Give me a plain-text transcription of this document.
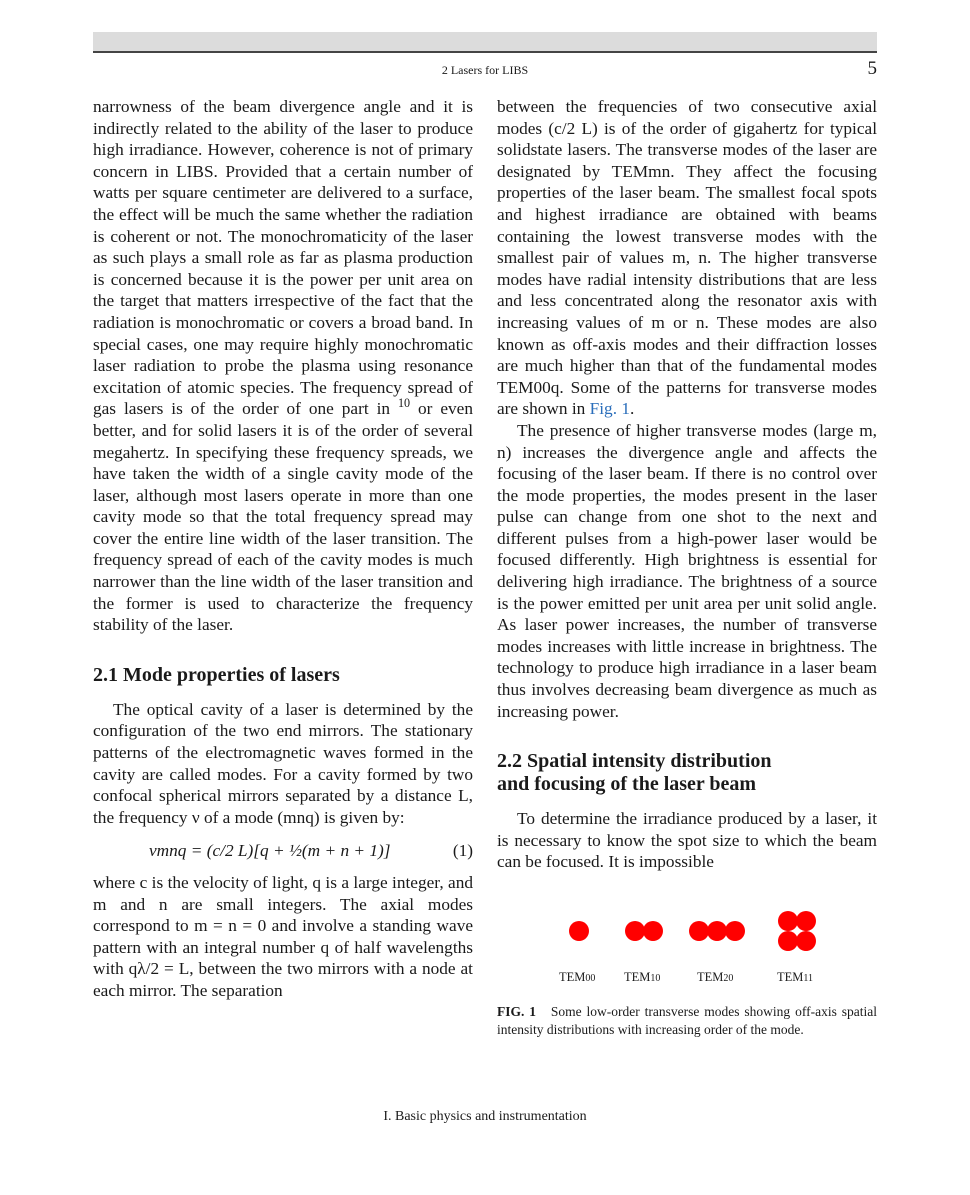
2 Lasers for LIBS	5

narrowness of the beam divergence angle and it is indirectly related to the ability of the laser to produce high irradiance. However, coherence is not of primary concern in LIBS. Provided that a certain number of watts per square centimeter are delivered to a surface, the effect will be much the same whether the radiation is coherent or not. The monochromaticity of the laser as such plays a small role as far as plasma production is concerned because it is the power per unit area on the target that matters irrespective of the fact that the radiation is monochromatic or covers a broad band. In special cases, one may require highly monochromatic laser radiation to probe the plasma using resonance excitation of atomic species. The frequency spread of gas lasers is of the order of one part in $^{10}$ or even better, and for solid lasers it is of the order of several megahertz. In specifying these frequency spreads, we have taken the width of a single cavity mode of the laser, although most lasers operate in more than one cavity mode so that the total frequency spread may cover the entire line width of the laser transition. The frequency spread of each of the cavity modes is much narrower than the line width of the laser transition and the former is used to characterize the frequency stability of the laser.

2.1 Mode properties of lasers

The optical cavity of a laser is determined by the configuration of the two end mirrors. The stationary patterns of the electromagnetic waves formed in the cavity are called modes. For a cavity formed by two confocal spherical mirrors separated by a distance L, the frequency ν of a mode (mnq) is given by:

νmnq = (c/2 L)[q + ½(m + n + 1)]	(1)

where c is the velocity of light, q is a large integer, and m and n are small integers. The axial modes correspond to m = n = 0 and involve a standing wave pattern with an integral number q of half wavelengths with qλ/2 = L, between the two mirrors with a node at each mirror. The separation

between the frequencies of two consecutive axial modes (c/2 L) is of the order of gigahertz for typical solidstate lasers. The transverse modes of the laser are designated by TEMmn. They affect the focusing properties of the laser beam. The smallest focal spots and highest irradiance are obtained with beams containing the lowest transverse modes with the smallest pair of values m, n. The higher transverse modes have radial intensity distributions that are less and less concentrated along the resonator axis with increasing values of m or n. These modes are also known as off-axis modes and their diffraction losses are much higher than that of the fundamental modes TEM00q. Some of the patterns for transverse modes are shown in Fig. 1.

The presence of higher transverse modes (large m, n) increases the divergence angle and affects the focusing of the laser beam. If there is no control over the mode properties, the modes present in the laser pulse can change from one shot to the next and different pulses from a high-power laser would be focused differently. High brightness is essential for delivering high irradiance. The brightness of a source is the power emitted per unit area per unit solid angle. As laser power increases, the number of transverse modes increases with little increase in brightness. The technology to produce high irradiance in a laser beam thus involves decreasing beam divergence as much as increasing power.

2.2 Spatial intensity distribution
and focusing of the laser beam

To determine the irradiance produced by a laser, it is necessary to know the spot size to which the beam can be focused. It is impossible

TEM00 TEM10	TEM20	TEM11
FIG. 1 Some low-order transverse modes showing off-axis spatial intensity distributions with increasing order of the mode.
I. Basic physics and instrumentation
